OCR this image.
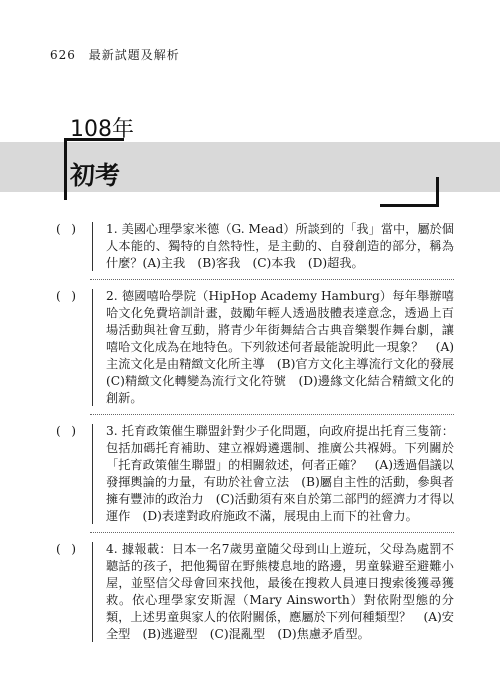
626 最新試題及解析
108年
初考
( ) 1. 美國心理學家米德（G. Mead）所談到的「我」當中，屬於個人本能的、獨特的自然特性，是主動的、自發創造的部分，稱為什麼？(A)主我　(B)客我　(C)本我　(D)超我。
( ) 2. 德國嘻哈學院（HipHop Academy Hamburg）每年舉辦嘻哈文化免費培訓計畫，鼓勵年輕人透過肢體表達意念，透過上百場活動與社會互動，將青少年街舞結合古典音樂製作舞台劇，讓嘻哈文化成為在地特色。下列敘述何者最能說明此一現象？　(A)主流文化是由精緻文化所主導　(B)官方文化主導流行文化的發展　(C)精緻文化轉變為流行文化符號　(D)邊緣文化結合精緻文化的創新。
( ) 3. 托育政策催生聯盟針對少子化問題，向政府提出托育三隻箭：包括加碼托育補助、建立褓姆遴選制、推廣公共褓姆。下列關於「托育政策催生聯盟」的相關敘述，何者正確？　(A)透過倡議以發揮輿論的力量，有助於社會立法　(B)屬自主性的活動，參與者擁有豐沛的政治力　(C)活動須有來自於第二部門的經濟力才得以運作　(D)表達對政府施政不滿，展現由上而下的社會力。
( ) 4. 據報載：日本一名7歲男童隨父母到山上遊玩，父母為處罰不聽話的孩子，把他獨留在野熊棲息地的路邊，男童躲避至避難小屋，並堅信父母會回來找他，最後在搜救人員連日搜索後獲尋獲救。依心理學家安斯渥（Mary Ainsworth）對依附型態的分類，上述男童與家人的依附關係，應屬於下列何種類型？　(A)安全型　(B)逃避型　(C)混亂型　(D)焦慮矛盾型。
